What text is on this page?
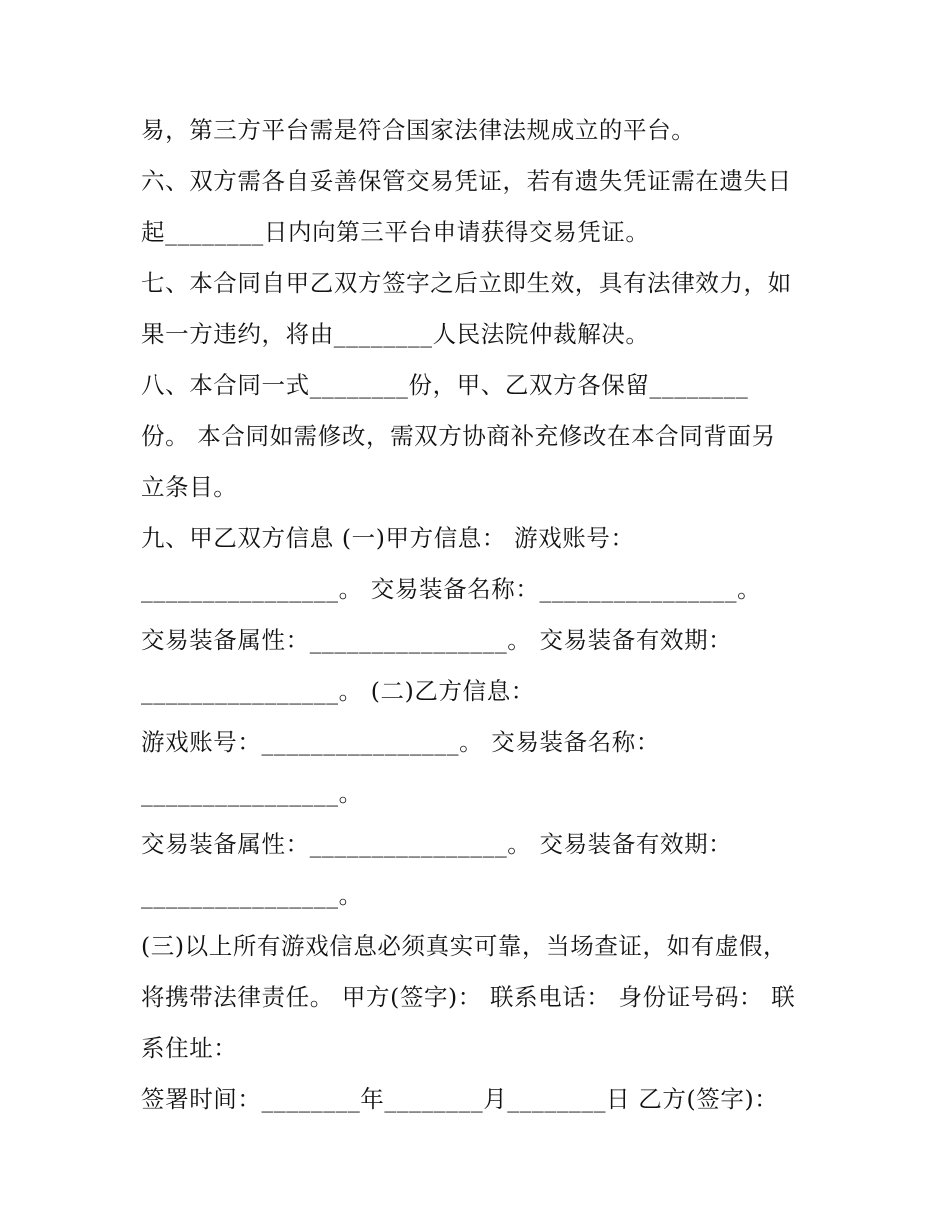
易，第三方平台需是符合国家法律法规成立的平台。
六、双方需各自妥善保管交易凭证，若有遗失凭证需在遗失日
起________日内向第三平台申请获得交易凭证。
七、本合同自甲乙双方签字之后立即生效，具有法律效力，如
果一方违约，将由________人民法院仲裁解决。
八、本合同一式________份，甲、乙双方各保留________
份。 本合同如需修改，需双方协商补充修改在本合同背面另
立条目。
九、甲乙双方信息 (一)甲方信息： 游戏账号：
________________。 交易装备名称：________________。
交易装备属性：________________。 交易装备有效期：
________________。 (二)乙方信息：
游戏账号：________________。 交易装备名称：
________________。
交易装备属性：________________。 交易装备有效期：
________________。
(三)以上所有游戏信息必须真实可靠，当场查证，如有虚假，
将携带法律责任。 甲方(签字)： 联系电话： 身份证号码： 联
系住址：
签署时间：________年________月________日 乙方(签字)：
